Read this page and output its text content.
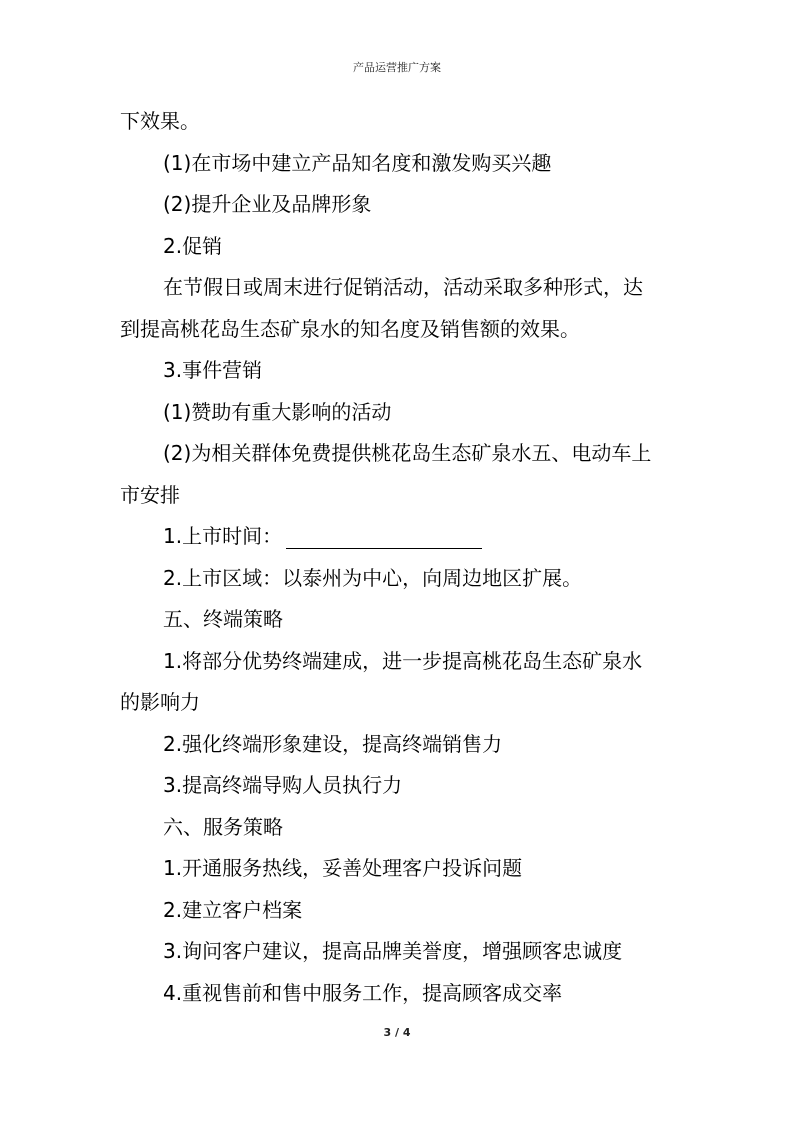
产品运营推广方案
下效果。
(1)在市场中建立产品知名度和激发购买兴趣
(2)提升企业及品牌形象
2.促销
在节假日或周末进行促销活动，活动采取多种形式，达
到提高桃花岛生态矿泉水的知名度及销售额的效果。
3.事件营销
(1)赞助有重大影响的活动
(2)为相关群体免费提供桃花岛生态矿泉水五、电动车上
市安排
1.上市时间：
2.上市区域：以泰州为中心，向周边地区扩展。
五、终端策略
1.将部分优势终端建成，进一步提高桃花岛生态矿泉水
的影响力
2.强化终端形象建设，提高终端销售力
3.提高终端导购人员执行力
六、服务策略
1.开通服务热线，妥善处理客户投诉问题
2.建立客户档案
3.询问客户建议，提高品牌美誉度，增强顾客忠诚度
4.重视售前和售中服务工作，提高顾客成交率
3 / 4
